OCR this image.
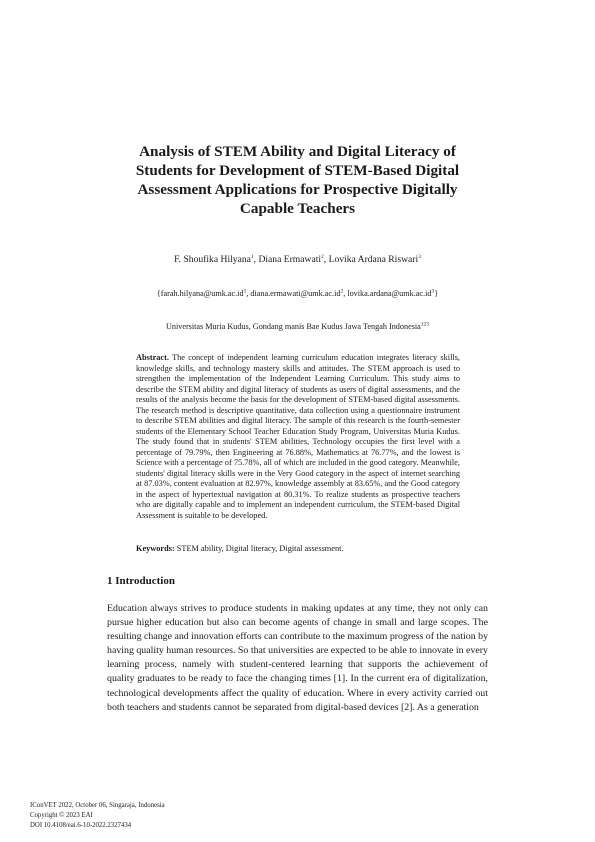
Analysis of STEM Ability and Digital Literacy of
Students for Development of STEM-Based Digital
Assessment Applications for Prospective Digitally
Capable Teachers
F. Shoufika Hilyana$^1$, Diana Ermawati$^2$, Lovika Ardana Riswari$^3$
{$farah.hilyana@umk.ac.id^1$, $diana.ermawati@umk.ac.id^2$, $lovika.ardana@umk.ac.id^3$}
Universitas Muria Kudus, Gondang manis Bae Kudus Jawa Tengah Indonesia$^{123}$

Abstract. The concept of independent learning curriculum education integrates literacy skills, knowledge skills, and technology mastery skills and attitudes. The STEM approach is used to strengthen the implementation of the Independent Learning Curriculum. This study aims to describe the STEM ability and digital literacy of students as users of digital assessments, and the results of the analysis become the basis for the development of STEM-based digital assessments. The research method is descriptive quantitative, data collection using a questionnaire instrument to describe STEM abilities and digital literacy. The sample of this research is the fourth-semester students of the Elementary School Teacher Education Study Program, Universitas Muria Kudus. The study found that in students' STEM abilities, Technology occupies the first level with a percentage of 79.79%, then Engineering at 76.88%, Mathematics at 76.77%, and the lowest is Science with a percentage of 75.78%, all of which are included in the good category. Meanwhile, students' digital literacy skills were in the Very Good category in the aspect of internet searching at 87.03%, content evaluation at 82.97%, knowledge assembly at 83.65%, and the Good category in the aspect of hypertextual navigation at 80.31%. To realize students as prospective teachers who are digitally capable and to implement an independent curriculum, the STEM-based Digital Assessment is suitable to be developed.

Keywords: STEM ability, Digital literacy, Digital assessment.

1 Introduction

Education always strives to produce students in making updates at any time, they not only can pursue higher education but also can become agents of change in small and large scopes. The resulting change and innovation efforts can contribute to the maximum progress of the nation by having quality human resources. So that universities are expected to be able to innovate in every learning process, namely with student-centered learning that supports the achievement of quality graduates to be ready to face the changing times [1]. In the current era of digitalization, technological developments affect the quality of education. Where in every activity carried out both teachers and students cannot be separated from digital-based devices [2]. As a generation

IConVET 2022, October 06, Singaraja, Indonesia
Copyright © 2023 EAI
DOI 10.4108/eai.6-10-2022.2327434
